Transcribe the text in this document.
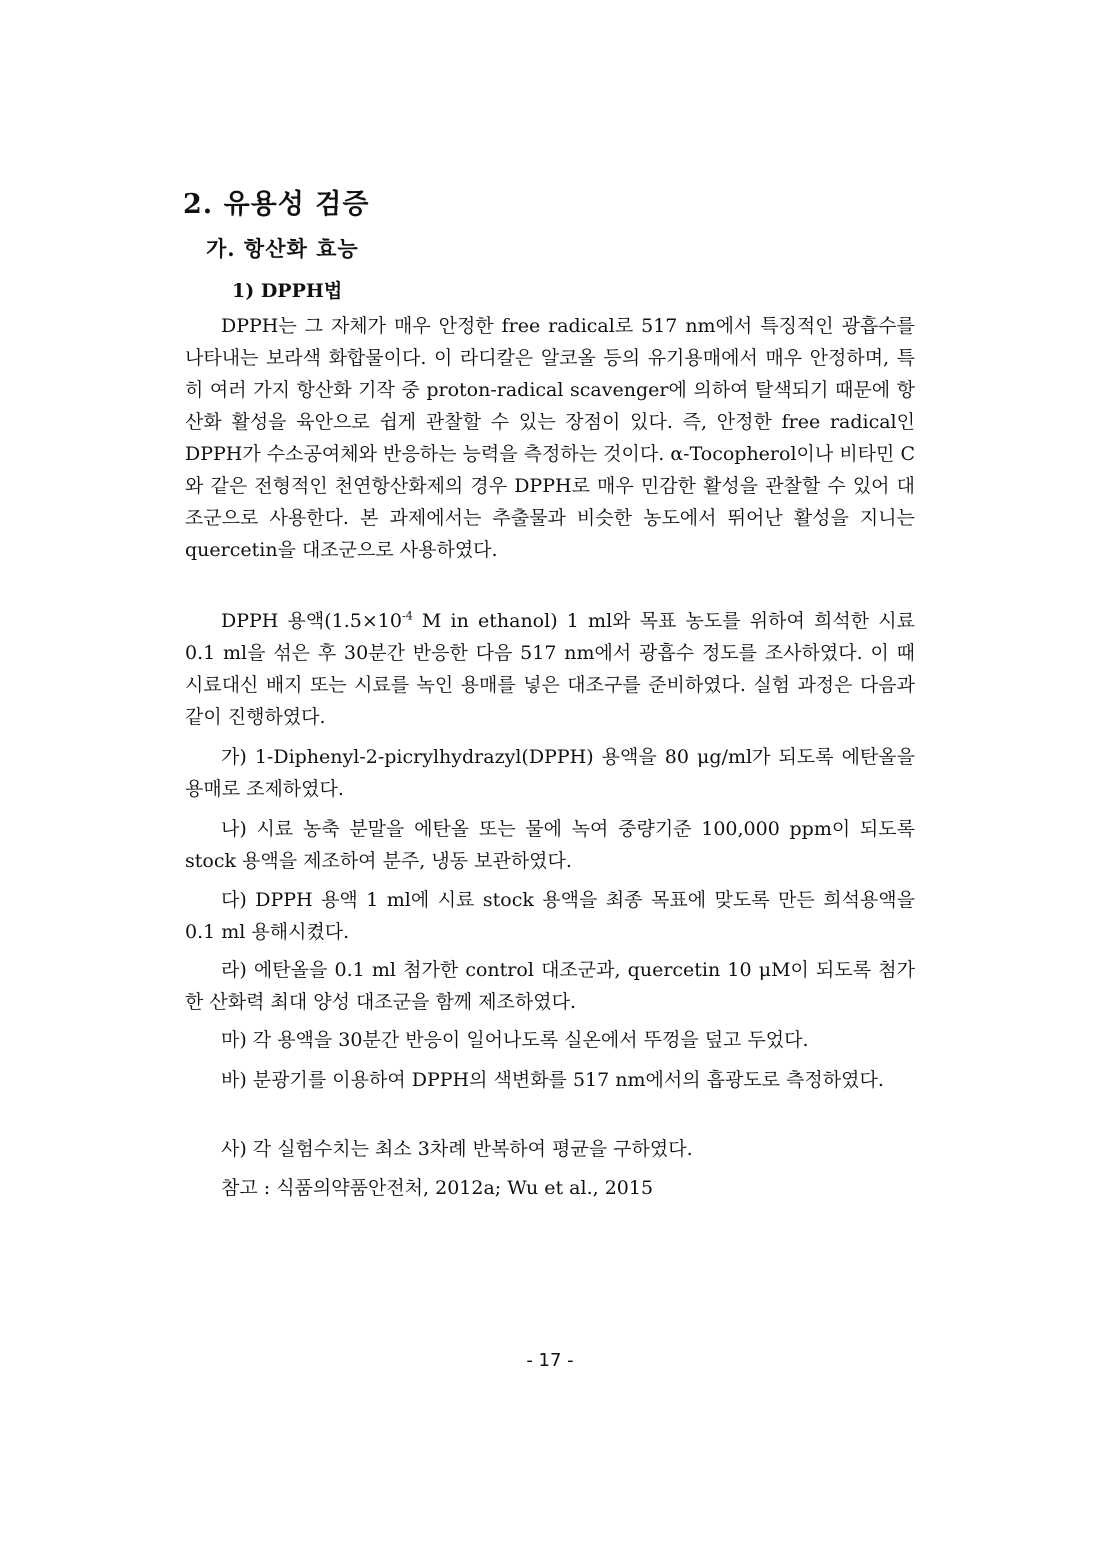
2. 유용성 검증
가. 항산화 효능
1) DPPH법

DPPH는 그 자체가 매우 안정한 free radical로 517 nm에서 특징적인 광흡수를 나타내는 보라색 화합물이다. 이 라디칼은 알코올 등의 유기용매에서 매우 안정하며, 특히 여러 가지 항산화 기작 중 proton-radical scavenger에 의하여 탈색되기 때문에 항산화 활성을 육안으로 쉽게 관찰할 수 있는 장점이 있다. 즉, 안정한 free radical인 DPPH가 수소공여체와 반응하는 능력을 측정하는 것이다. α-Tocopherol이나 비타민 C와 같은 전형적인 천연항산화제의 경우 DPPH로 매우 민감한 활성을 관찰할 수 있어 대조군으로 사용한다. 본 과제에서는 추출물과 비슷한 농도에서 뛰어난 활성을 지니는 quercetin을 대조군으로 사용하였다.

DPPH 용액($1.5\times 10^{-4}$ M in ethanol) 1 ml와 목표 농도를 위하여 희석한 시료 0.1 ml을 섞은 후 30분간 반응한 다음 517 nm에서 광흡수 정도를 조사하였다. 이 때 시료대신 배지 또는 시료를 녹인 용매를 넣은 대조구를 준비하였다. 실험 과정은 다음과 같이 진행하였다.

가) 1-Diphenyl-2-picrylhydrazyl(DPPH) 용액을 80 μg/ml가 되도록 에탄올을 용매로 조제하였다.

나) 시료 농축 분말을 에탄올 또는 물에 녹여 중량기준 100,000 ppm이 되도록 stock 용액을 제조하여 분주, 냉동 보관하였다.

다) DPPH 용액 1 ml에 시료 stock 용액을 최종 목표에 맞도록 만든 희석용액을 0.1 ml 용해시켰다.

라) 에탄올을 0.1 ml 첨가한 control 대조군과, quercetin 10 μM이 되도록 첨가한 산화력 최대 양성 대조군을 함께 제조하였다.

마) 각 용액을 30분간 반응이 일어나도록 실온에서 뚜껑을 덮고 두었다.

바) 분광기를 이용하여 DPPH의 색변화를 517 nm에서의 흡광도로 측정하였다.

사) 각 실험수치는 최소 3차례 반복하여 평균을 구하였다.

참고 : 식품의약품안전처, 2012a; Wu et al., 2015

- 17 -
